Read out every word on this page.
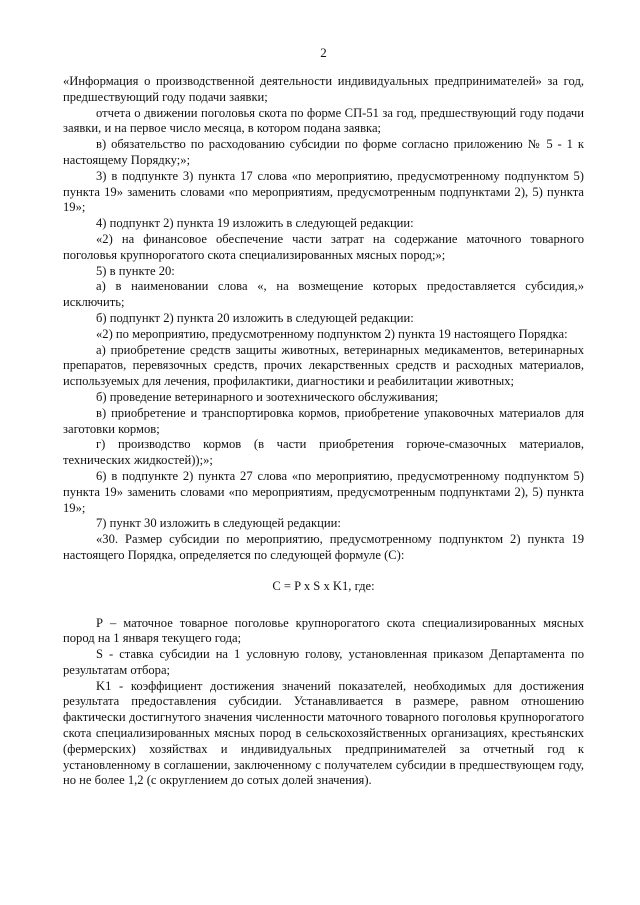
2

«Информация о производственной деятельности индивидуальных предпринимателей» за год, предшествующий году подачи заявки;

отчета о движении поголовья скота по форме СП-51 за год, предшествующий году подачи заявки, и на первое число месяца, в котором подана заявка;

в) обязательство по расходованию субсидии по форме согласно приложению № 5 - 1 к настоящему Порядку;»;

3) в подпункте 3) пункта 17 слова «по мероприятию, предусмотренному подпунктом 5) пункта 19» заменить словами «по мероприятиям, предусмотренным подпунктами 2), 5) пункта 19»;

4) подпункт 2) пункта 19 изложить в следующей редакции:

«2) на финансовое обеспечение части затрат на содержание маточного товарного поголовья крупнорогатого скота специализированных мясных пород;»;

5) в пункте 20:

а) в наименовании слова «, на возмещение которых предоставляется субсидия,» исключить;

б) подпункт 2) пункта 20 изложить в следующей редакции:

«2) по мероприятию, предусмотренному подпунктом 2) пункта 19 настоящего Порядка:

а) приобретение средств защиты животных, ветеринарных медикаментов, ветеринарных препаратов, перевязочных средств, прочих лекарственных средств и расходных материалов, используемых для лечения, профилактики, диагностики и реабилитации животных;

б) проведение ветеринарного и зоотехнического обслуживания;

в) приобретение и транспортировка кормов, приобретение упаковочных материалов для заготовки кормов;

г) производство кормов (в части приобретения горюче-смазочных материалов, технических жидкостей));»;

6) в подпункте 2) пункта 27 слова «по мероприятию, предусмотренному подпунктом 5) пункта 19» заменить словами «по мероприятиям, предусмотренным подпунктами 2), 5) пункта 19»;

7) пункт 30 изложить в следующей редакции:

«30. Размер субсидии по мероприятию, предусмотренному подпунктом 2) пункта 19 настоящего Порядка, определяется по следующей формуле (С):

C = P x S x K1, где:

Р – маточное товарное поголовье крупнорогатого скота специализированных мясных пород на 1 января текущего года;

S - ставка субсидии на 1 условную голову, установленная приказом Департамента по результатам отбора;

K1 - коэффициент достижения значений показателей, необходимых для достижения результата предоставления субсидии. Устанавливается в размере, равном отношению фактически достигнутого значения численности маточного товарного поголовья крупнорогатого скота специализированных мясных пород в сельскохозяйственных организациях, крестьянских (фермерских) хозяйствах и индивидуальных предпринимателей за отчетный год к установленному в соглашении, заключенному с получателем субсидии в предшествующем году, но не более 1,2 (с округлением до сотых долей значения).
